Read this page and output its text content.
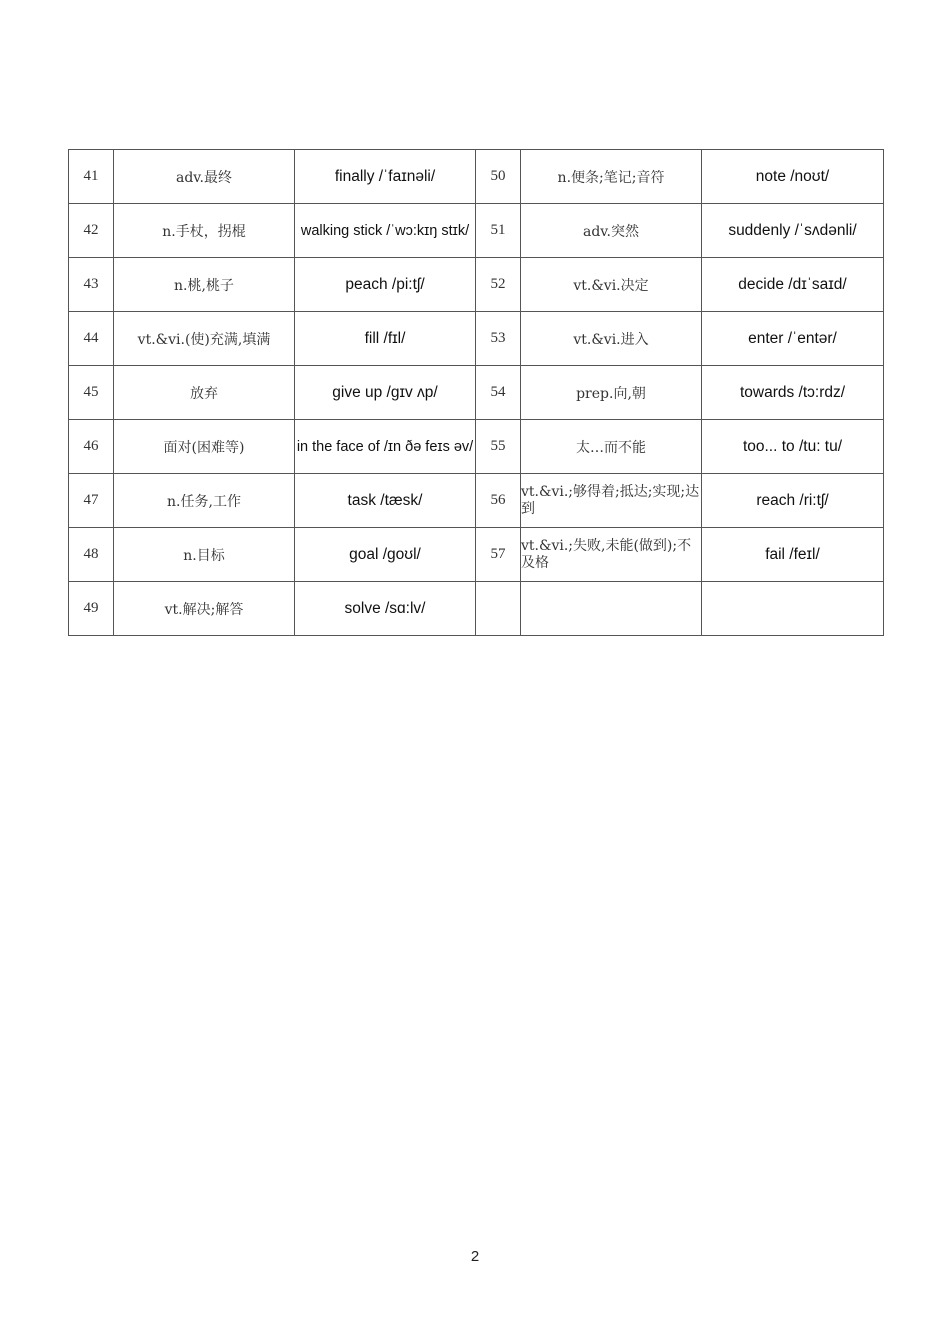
41	adv.最终	finally /ˈfaɪnəli/	50	n.便条;笔记;音符	note /noʊt/
42	n.手杖，拐棍	walking stick /ˈwɔ:kɪŋ stɪk/	51	adv.突然	suddenly /ˈsʌdənli/
43	n.桃,桃子	peach /pi:tʃ/	52	vt.&vi.决定	decide /dɪˈsaɪd/
44	vt.&vi.(使)充满,填满	fill /fɪl/	53	vt.&vi.进入	enter /ˈentər/
45	放弃	give up /ɡɪv ʌp/	54	prep.向,朝	towards /tɔ:rdz/
46	面对(困难等)	in the face of /ɪn ðə feɪs əv/	55	太…而不能	too... to /tu: tu/
47	n.任务,工作	task /tæsk/	56	vt.&vi.;够得着;抵达;实现;达到	reach /ri:tʃ/
48	n.目标	goal /ɡoʊl/	57	vt.&vi.;失败,未能(做到);不及格	fail /feɪl/
49	vt.解决;解答	solve /sɑ:lv/			
2
